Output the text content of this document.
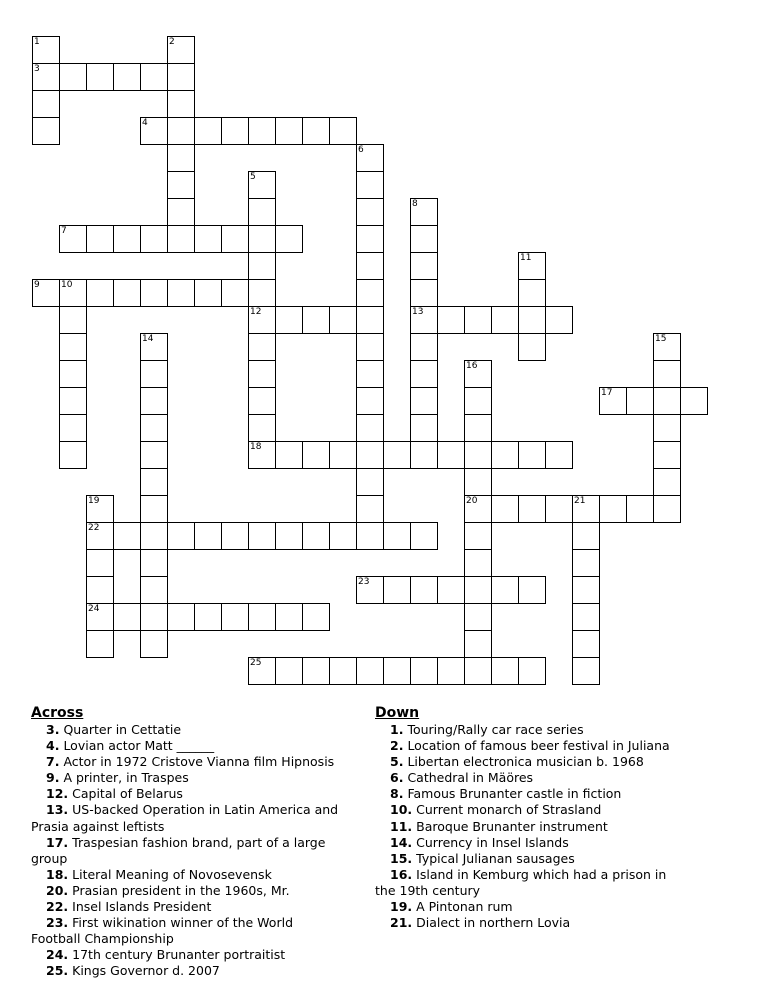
1
3
2
4
5
12
6
7
8
13
9 10
11
14	15
16
20
17
18
19
22
24
21
23
25
Across
3. Quarter in Cettatie
4. Lovian actor Matt ______
7. Actor in 1972 Cristove Vianna film Hipnosis
9. A printer, in Traspes
12. Capital of Belarus
13. US-backed Operation in Latin America and
Prasia against leftists
17. Traspesian fashion brand, part of a large
group
18. Literal Meaning of Novosevensk
20. Prasian president in the 1960s, Mr.
22. Insel Islands President
23. First wikination winner of the World
Football Championship
24. 17th century Brunanter portraitist
25. Kings Governor d. 2007
Down
1. Touring/Rally car race series
2. Location of famous beer festival in Juliana
5. Libertan electronica musician b. 1968
6. Cathedral in Mäöres
8. Famous Brunanter castle in fiction
10. Current monarch of Strasland
11. Baroque Brunanter instrument
14. Currency in Insel Islands
15. Typical Julianan sausages
16. Island in Kemburg which had a prison in
the 19th century
19. A Pintonan rum
21. Dialect in northern Lovia
